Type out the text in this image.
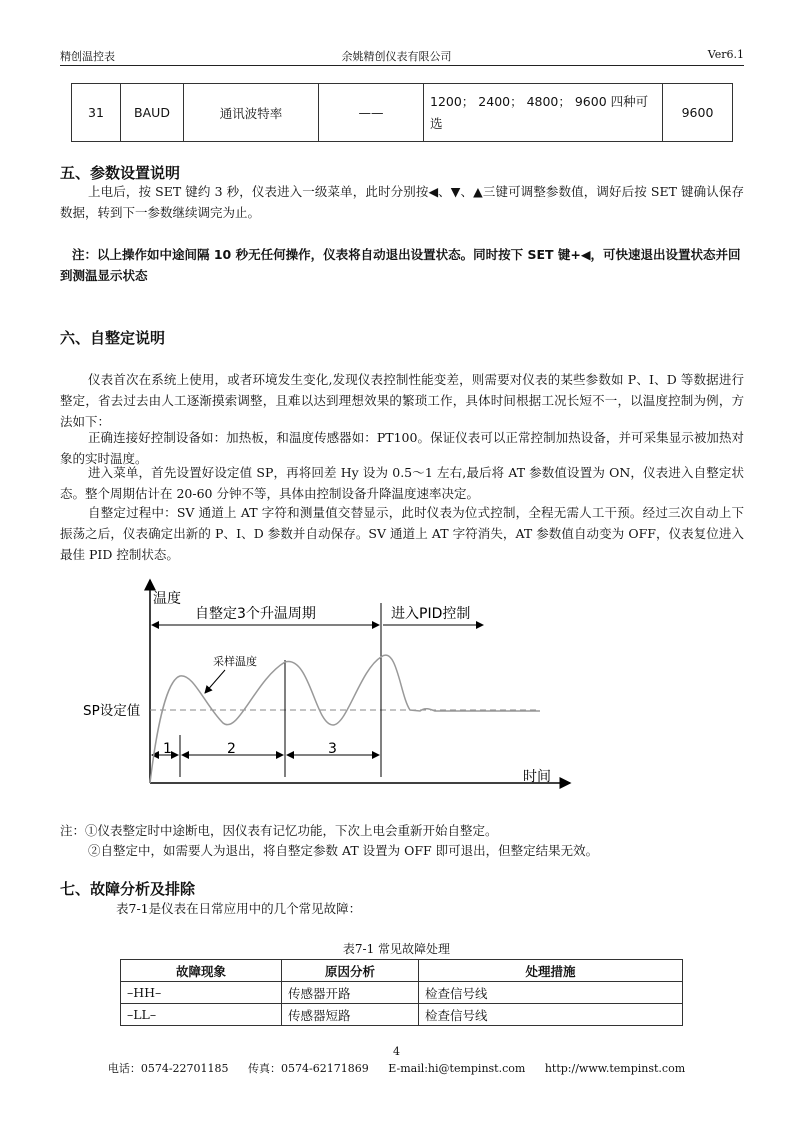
精创温控表	余姚精创仪表有限公司	Ver6.1
31	BAUD	通讯波特率	——	1200； 2400； 4800； 9600 四种可选	9600
五、参数设置说明
上电后，按 SET 键约 3 秒，仪表进入一级菜单，此时分别按◀、▼、▲三键可调整参数值，调好后按 SET 键确认保存数据，转到下一参数继续调完为止。
注：以上操作如中途间隔 10 秒无任何操作，仪表将自动退出设置状态。同时按下 SET 键+◀，可快速退出设置状态并回到测温显示状态
六、自整定说明
仪表首次在系统上使用，或者环境发生变化,发现仪表控制性能变差，则需要对仪表的某些参数如 P、I、D 等数据进行整定，省去过去由人工逐渐摸索调整，且难以达到理想效果的繁琐工作，具体时间根据工况长短不一，以温度控制为例，方法如下：
正确连接好控制设备如：加热板，和温度传感器如：PT100。保证仪表可以正常控制加热设备，并可采集显示被加热对象的实时温度。
进入菜单，首先设置好设定值 SP，再将回差 Hy 设为 0.5～1 左右,最后将 AT 参数值设置为 ON，仪表进入自整定状态。整个周期估计在 20-60 分钟不等，具体由控制设备升降温度速率决定。
自整定过程中：SV 通道上 AT 字符和测量值交替显示，此时仪表为位式控制，全程无需人工干预。经过三次自动上下振荡之后，仪表确定出新的 P、I、D 参数并自动保存。SV 通道上 AT 字符消失，AT 参数值自动变为 OFF，仪表复位进入最佳 PID 控制状态。
温度
时间
SP设定值
自整定3个升温周期	进入PID控制
1	2	3
采样温度
注：①仪表整定时中途断电，因仪表有记忆功能，下次上电会重新开始自整定。
②自整定中，如需要人为退出，将自整定参数 AT 设置为 OFF 即可退出，但整定结果无效。
七、故障分析及排除
表7-1是仪表在日常应用中的几个常见故障：
表7-1 常见故障处理
故障现象	原因分析	处理措施
–HH–	传感器开路	检查信号线
–LL–	传感器短路	检查信号线
4
电话：0574-22701185 传真：0574-62171869 E-mail:hi@tempinst.com http://www.tempinst.com
